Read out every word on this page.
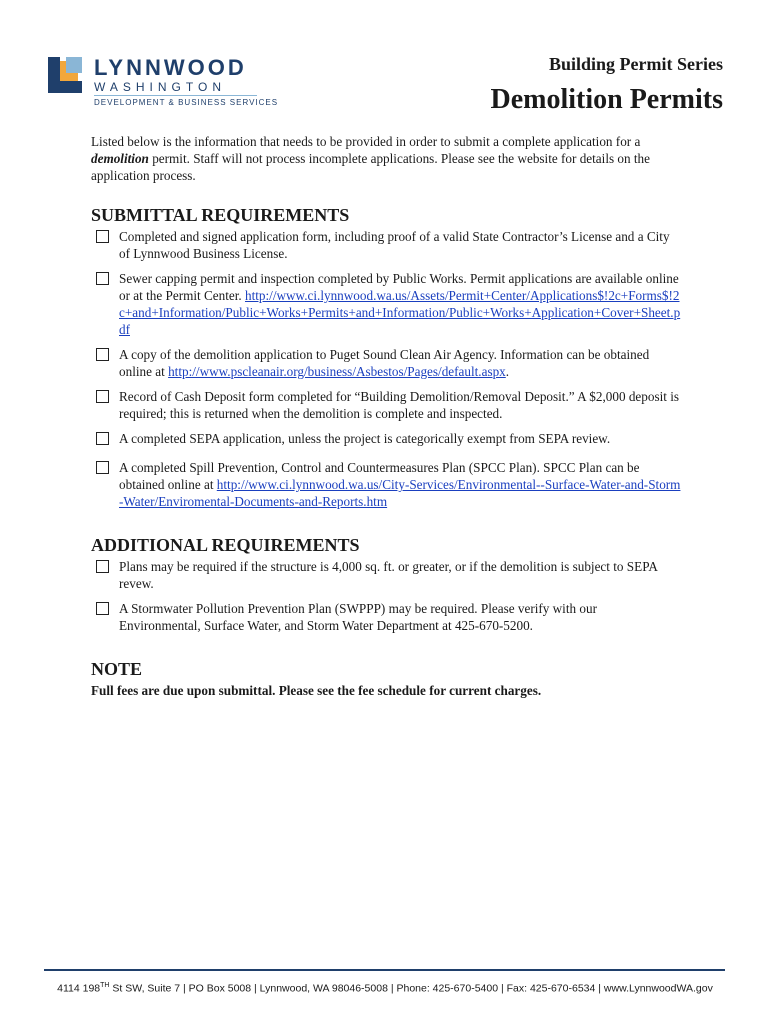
LYNNWOOD
WASHINGTON
DEVELOPMENT & BUSINESS SERVICES
Building Permit Series
Demolition Permits

Listed below is the information that needs to be provided in order to submit a complete application for a demolition permit. Staff will not process incomplete applications. Please see the website for details on the application process.

SUBMITTAL REQUIREMENTS
Completed and signed application form, including proof of a valid State Contractor’s License and a City of Lynnwood Business License.
Sewer capping permit and inspection completed by Public Works. Permit applications are available online or at the Permit Center. http://www.ci.lynnwood.wa.us/Assets/Permit+Center/Applications$!2c+Forms$!2c+and+Information/Public+Works+Permits+and+Information/Public+Works+Application+Cover+Sheet.pdf
A copy of the demolition application to Puget Sound Clean Air Agency. Information can be obtained online at http://www.pscleanair.org/business/Asbestos/Pages/default.aspx.
Record of Cash Deposit form completed for “Building Demolition/Removal Deposit.” A $2,000 deposit is required; this is returned when the demolition is complete and inspected.
A completed SEPA application, unless the project is categorically exempt from SEPA review.
A completed Spill Prevention, Control and Countermeasures Plan (SPCC Plan). SPCC Plan can be obtained online at http://www.ci.lynnwood.wa.us/City-Services/Environmental--Surface-Water-and-Storm-Water/Enviromental-Documents-and-Reports.htm
ADDITIONAL REQUIREMENTS
Plans may be required if the structure is 4,000 sq. ft. or greater, or if the demolition is subject to SEPA revew.
A Stormwater Pollution Prevention Plan (SWPPP) may be required. Please verify with our Environmental, Surface Water, and Storm Water Department at 425-670-5200.
NOTE

Full fees are due upon submittal. Please see the fee schedule for current charges.

4114 198TH St SW, Suite 7 | PO Box 5008 | Lynnwood, WA 98046-5008 | Phone: 425-670-5400 | Fax: 425-670-6534 | www.LynnwoodWA.gov
